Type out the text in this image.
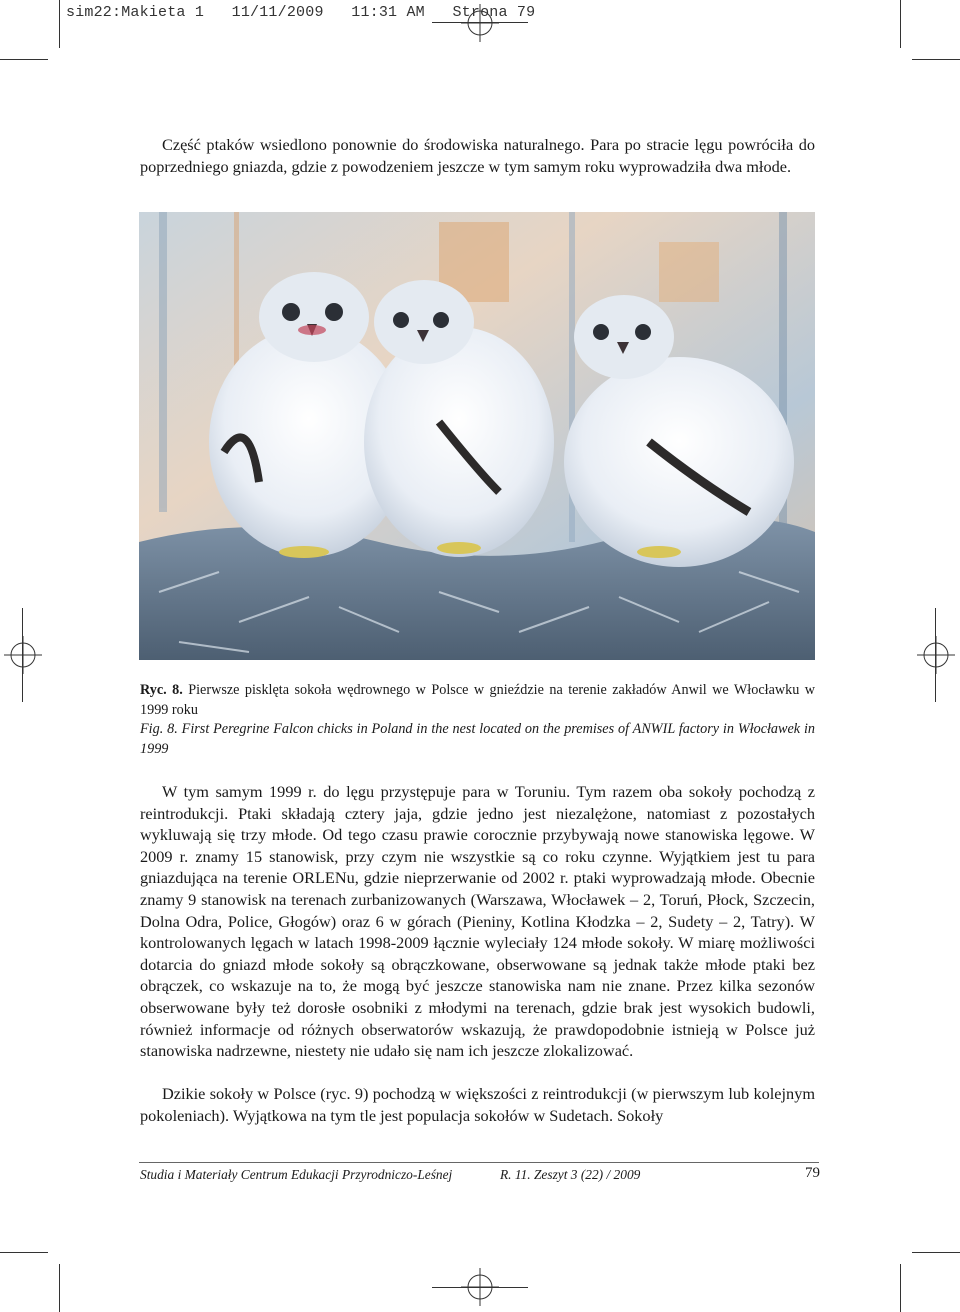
sim22:Makieta 1   11/11/2009   11:31 AM   Strona 79

Część ptaków wsiedlono ponownie do środowiska naturalnego. Para po stracie lęgu powróciła do poprzedniego gniazda, gdzie z powodzeniem jeszcze w tym samym roku wyprowadziła dwa młode.

Ryc. 8. Pierwsze pisklęta sokoła wędrownego w Polsce w gnieździe na terenie zakładów Anwil we Włocławku w 1999 roku

Fig. 8. First Peregrine Falcon chicks in Poland in the nest located on the premises of ANWIL factory in Włocławek in 1999

W tym samym 1999 r. do lęgu przystępuje para w Toruniu. Tym razem oba sokoły pochodzą z reintrodukcji. Ptaki składają cztery jaja, gdzie jedno jest niezalężone, natomiast z pozostałych wykluwają się trzy młode. Od tego czasu prawie corocznie przybywają nowe stanowiska lęgowe. W 2009 r. znamy 15 stanowisk, przy czym nie wszystkie są co roku czynne. Wyjątkiem jest tu para gniazdująca na terenie ORLENu, gdzie nieprzerwanie od 2002 r. ptaki wyprowadzają młode. Obecnie znamy 9 stanowisk na terenach zurbanizowanych (Warszawa, Włocławek – 2, Toruń, Płock, Szczecin, Dolna Odra, Police, Głogów) oraz 6 w górach (Pieniny, Kotlina Kłodzka – 2, Sudety – 2, Tatry). W kontrolowanych lęgach w latach 1998-2009 łącznie wyleciały 124 młode sokoły. W miarę możliwości dotarcia do gniazd młode sokoły są obrączkowane, obserwowane są jednak także młode ptaki bez obrączek, co wskazuje na to, że mogą być jeszcze stanowiska nam nie znane. Przez kilka sezonów obserwowane były też dorosłe osobniki z młodymi na terenach, gdzie brak jest wysokich budowli, również informacje od różnych obserwatorów wskazują, że prawdopodobnie istnieją w Polsce już stanowiska nadrzewne, niestety nie udało się nam ich jeszcze zlokalizować.

Dzikie sokoły w Polsce (ryc. 9) pochodzą w większości z reintrodukcji (w pierwszym lub kolejnym pokoleniach). Wyjątkowa na tym tle jest populacja sokołów w Sudetach. Sokoły

Studia i Materiały Centrum Edukacji Przyrodniczo-Leśnej	R. 11. Zeszyt 3 (22) / 2009	79
